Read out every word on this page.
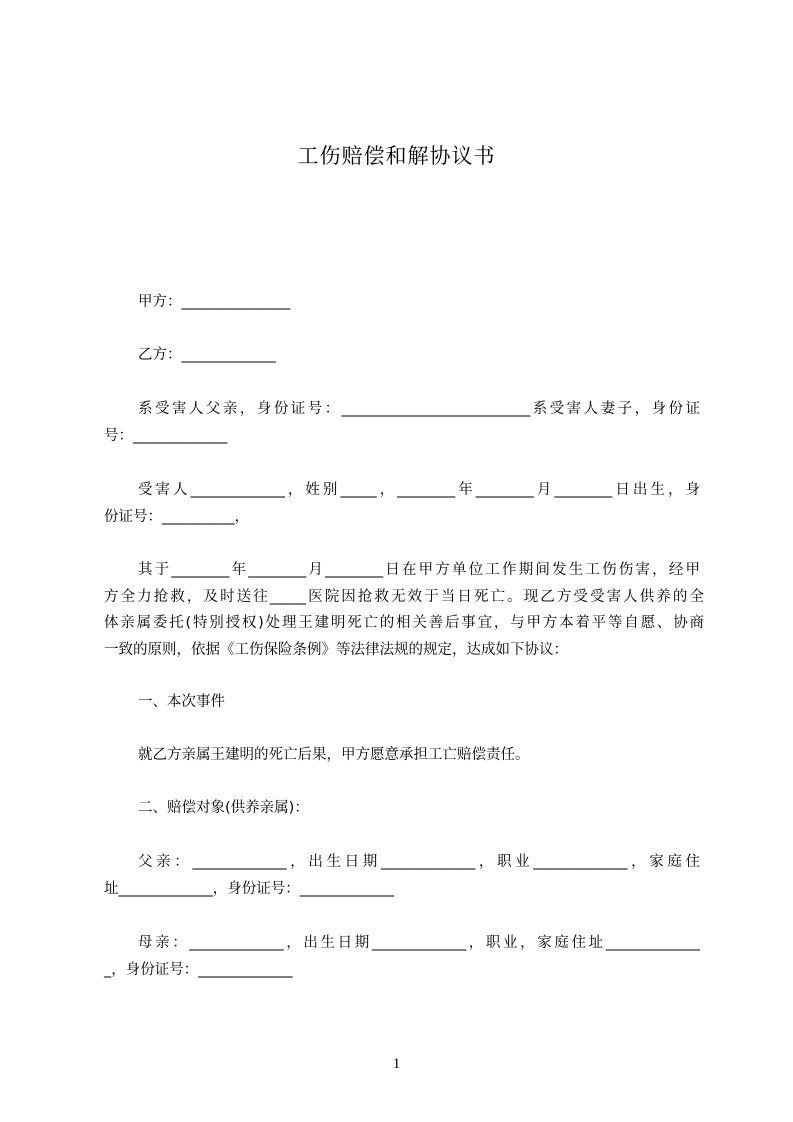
工伤赔偿和解协议书
甲方：_______________
乙方：_____________
系受害人父亲，身份证号：__________________________系受害人妻子，身份证
号：_____________
受害人_____________，姓别_____，________年________月________日出生，身
份证号：__________，
其于________年________月________日在甲方单位工作期间发生工伤伤害，经甲
方全力抢救，及时送往_____医院因抢救无效于当日死亡。现乙方受受害人供养的全
体亲属委托(特别授权)处理王建明死亡的相关善后事宜，与甲方本着平等自愿、协商
一致的原则，依据《工伤保险条例》等法律法规的规定，达成如下协议：
一、本次事件
就乙方亲属王建明的死亡后果，甲方愿意承担工亡赔偿责任。
二、赔偿对象(供养亲属)：
父亲：_____________，出生日期_____________，职业_____________，家庭住
址_____________，身份证号：_____________
母亲：_____________，出生日期_____________，职业，家庭住址_____________
_，身份证号：_____________
1
